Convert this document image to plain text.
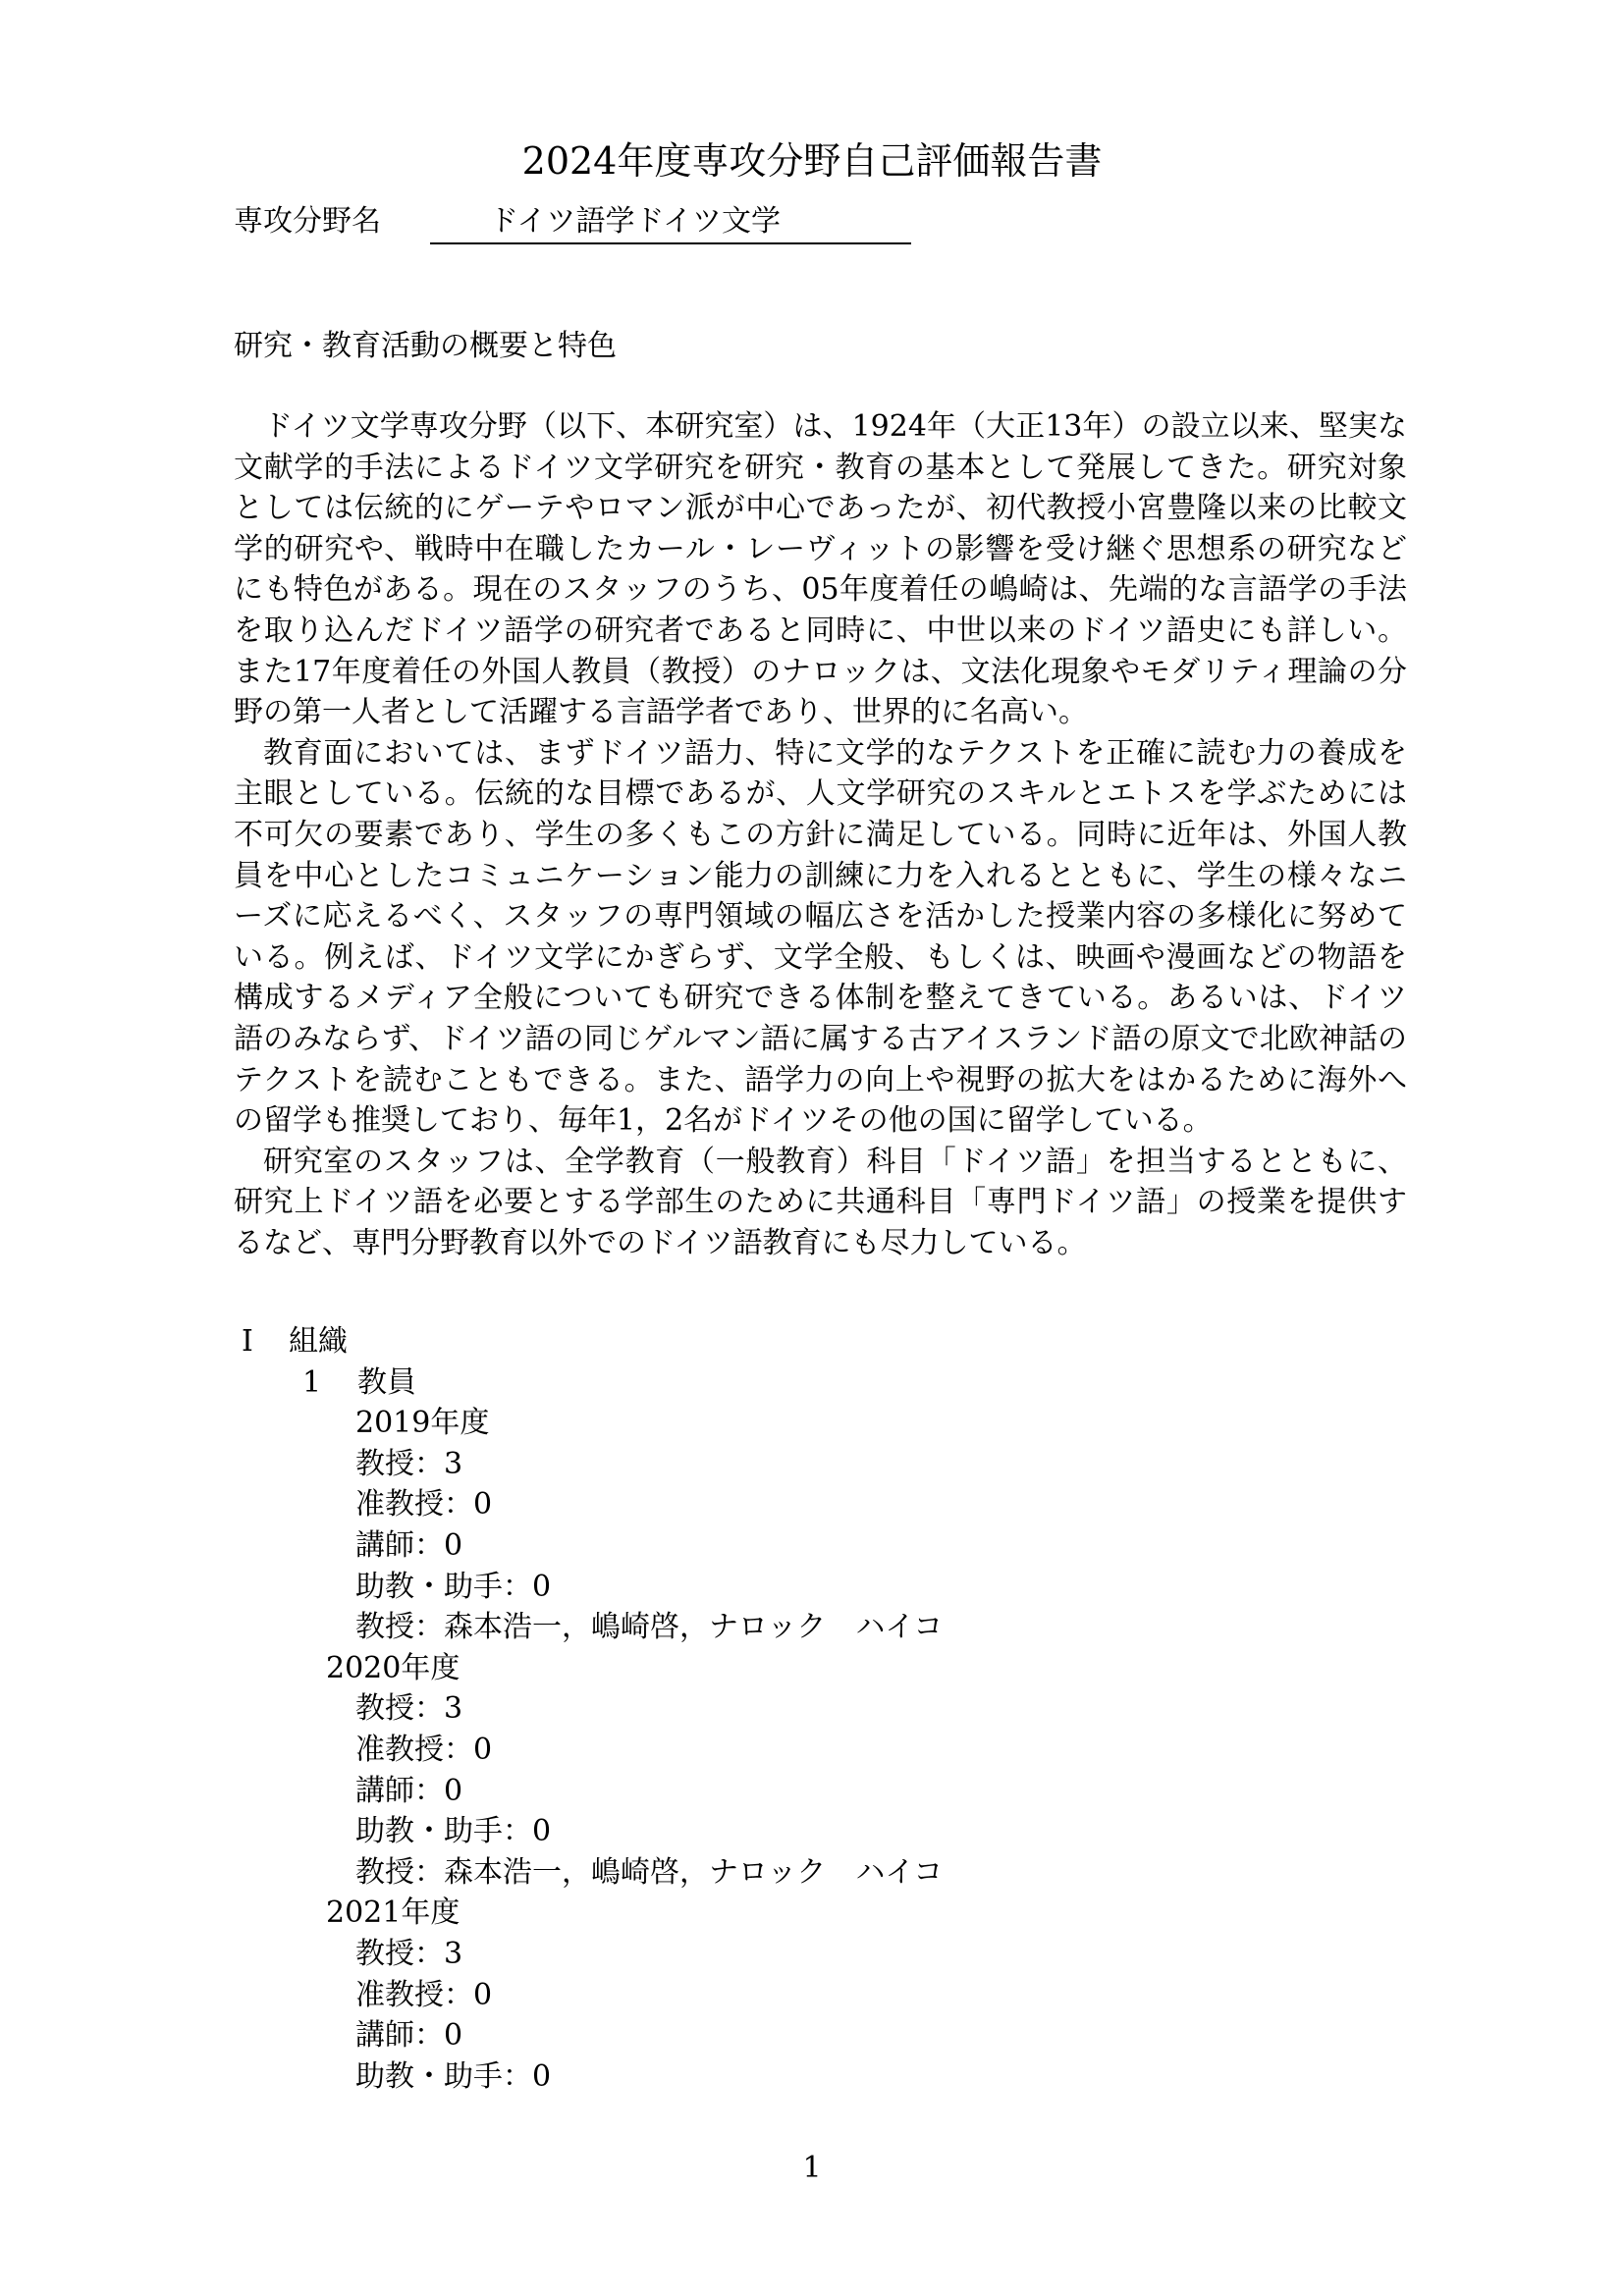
2024年度専攻分野自己評価報告書
専攻分野名	ドイツ語学ドイツ文学
研究・教育活動の概要と特色

ドイツ文学専攻分野（以下、本研究室）は、1924年（大正13年）の設立以来、堅実な文献学的手法によるドイツ文学研究を研究・教育の基本として発展してきた。研究対象としては伝統的にゲーテやロマン派が中心であったが、初代教授小宮豊隆以来の比較文学的研究や、戦時中在職したカール・レーヴィットの影響を受け継ぐ思想系の研究などにも特色がある。現在のスタッフのうち、05年度着任の嶋崎は、先端的な言語学の手法を取り込んだドイツ語学の研究者であると同時に、中世以来のドイツ語史にも詳しい。また17年度着任の外国人教員（教授）のナロックは、文法化現象やモダリティ理論の分野の第一人者として活躍する言語学者であり、世界的に名高い。

教育面においては、まずドイツ語力、特に文学的なテクストを正確に読む力の養成を主眼としている。伝統的な目標であるが、人文学研究のスキルとエトスを学ぶためには不可欠の要素であり、学生の多くもこの方針に満足している。同時に近年は、外国人教員を中心としたコミュニケーション能力の訓練に力を入れるとともに、学生の様々なニーズに応えるべく、スタッフの専門領域の幅広さを活かした授業内容の多様化に努めている。例えば、ドイツ文学にかぎらず、文学全般、もしくは、映画や漫画などの物語を構成するメディア全般についても研究できる体制を整えてきている。あるいは、ドイツ語のみならず、ドイツ語の同じゲルマン語に属する古アイスランド語の原文で北欧神話のテクストを読むこともできる。また、語学力の向上や視野の拡大をはかるために海外への留学も推奨しており、毎年1，2名がドイツその他の国に留学している。

研究室のスタッフは、全学教育（一般教育）科目「ドイツ語」を担当するとともに、研究上ドイツ語を必要とする学部生のために共通科目「専門ドイツ語」の授業を提供するなど、専門分野教育以外でのドイツ語教育にも尽力している。

I 組織
1 教員
2019年度
教授：3
准教授：0
講師：0
助教・助手：0
教授：森本浩一，嶋崎啓，ナロック　ハイコ
2020年度
教授：3
准教授：0
講師：0
助教・助手：0
教授：森本浩一，嶋崎啓，ナロック　ハイコ
2021年度
教授：3
准教授：0
講師：0
助教・助手：0
1
